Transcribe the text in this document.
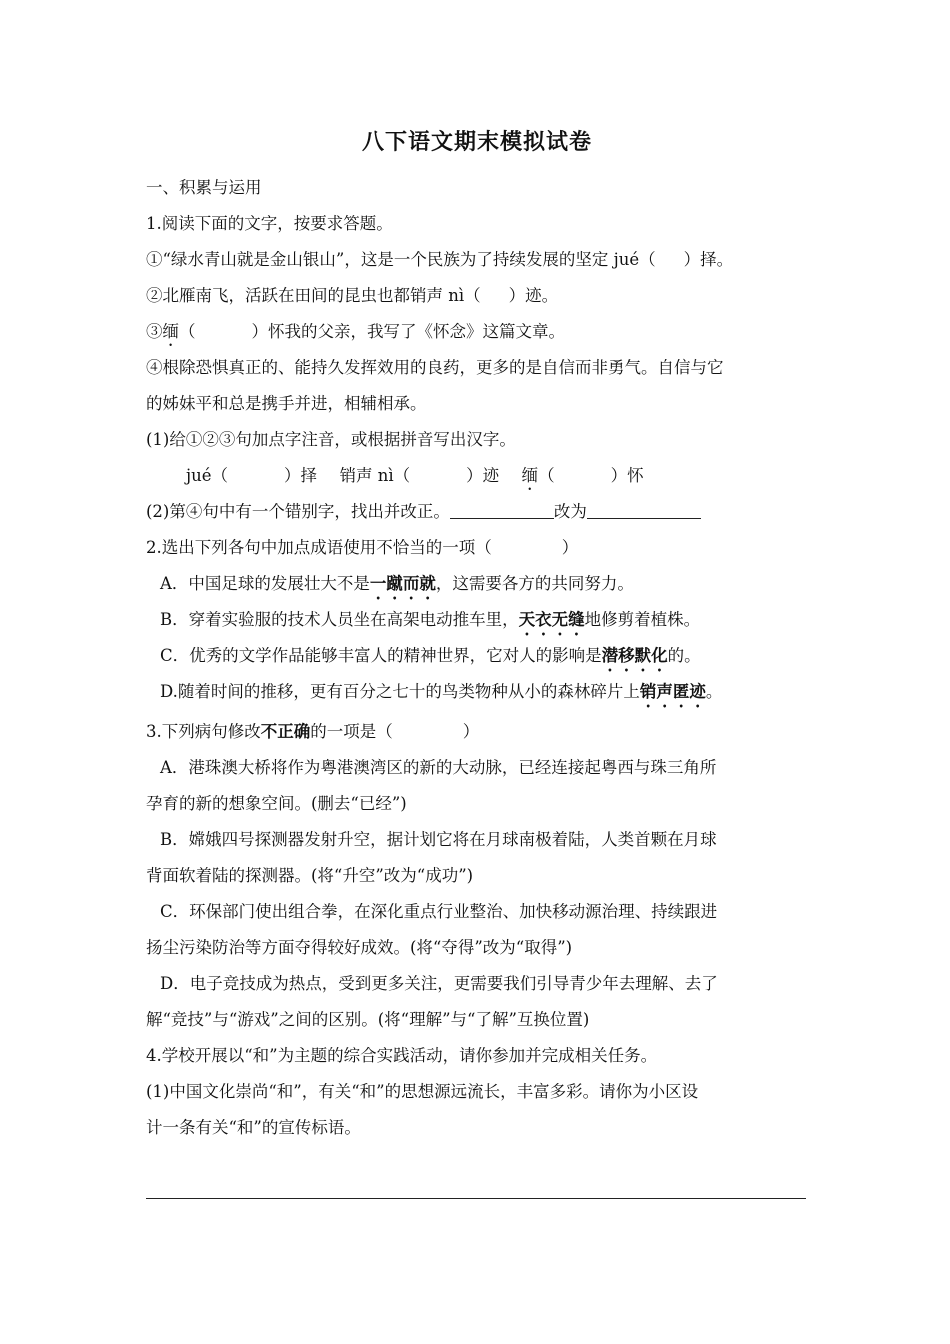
八下语文期末模拟试卷
一、积累与运用
1.阅读下面的文字，按要求答题。
①“绿水青山就是金山银山”，这是一个民族为了持续发展的坚定 jué（ ）择。
②北雁南飞，活跃在田间的昆虫也都销声 nì（ ）迹。
③缅（	）怀我的父亲，我写了《怀念》这篇文章。
④根除恐惧真正的、能持久发挥效用的良药，更多的是自信而非勇气。自信与它
的姊妹平和总是携手并进，相辅相承。
(1)给①②③句加点字注音，或根据拼音写出汉字。
jué（	）择 销声 nì（	）迹 缅（	）怀
(2)第④句中有一个错别字，找出并改正。	改为
2.选出下列各句中加点成语使用不恰当的一项（	）
A．中国足球的发展壮大不是一蹴而就，这需要各方的共同努力。
B．穿着实验服的技术人员坐在高架电动推车里，天衣无缝地修剪着植株。
C．优秀的文学作品能够丰富人的精神世界，它对人的影响是潜移默化的。
D.随着时间的推移，更有百分之七十的鸟类物种从小的森林碎片上销声匿迹。
3.下列病句修改不正确的一项是（	）
A．港珠澳大桥将作为粤港澳湾区的新的大动脉，已经连接起粤西与珠三角所
孕育的新的想象空间。(删去“已经”)
B．嫦娥四号探测器发射升空，据计划它将在月球南极着陆，人类首颗在月球
背面软着陆的探测器。(将“升空”改为“成功”)
C．环保部门使出组合拳，在深化重点行业整治、加快移动源治理、持续跟进
扬尘污染防治等方面夺得较好成效。(将“夺得”改为“取得”)
D．电子竞技成为热点，受到更多关注，更需要我们引导青少年去理解、去了
解“竞技”与“游戏”之间的区别。(将“理解”与“了解”互换位置)
4.学校开展以“和”为主题的综合实践活动，请你参加并完成相关任务。
(1)中国文化崇尚“和”，有关“和”的思想源远流长，丰富多彩。请你为小区设
计一条有关“和”的宣传标语。
